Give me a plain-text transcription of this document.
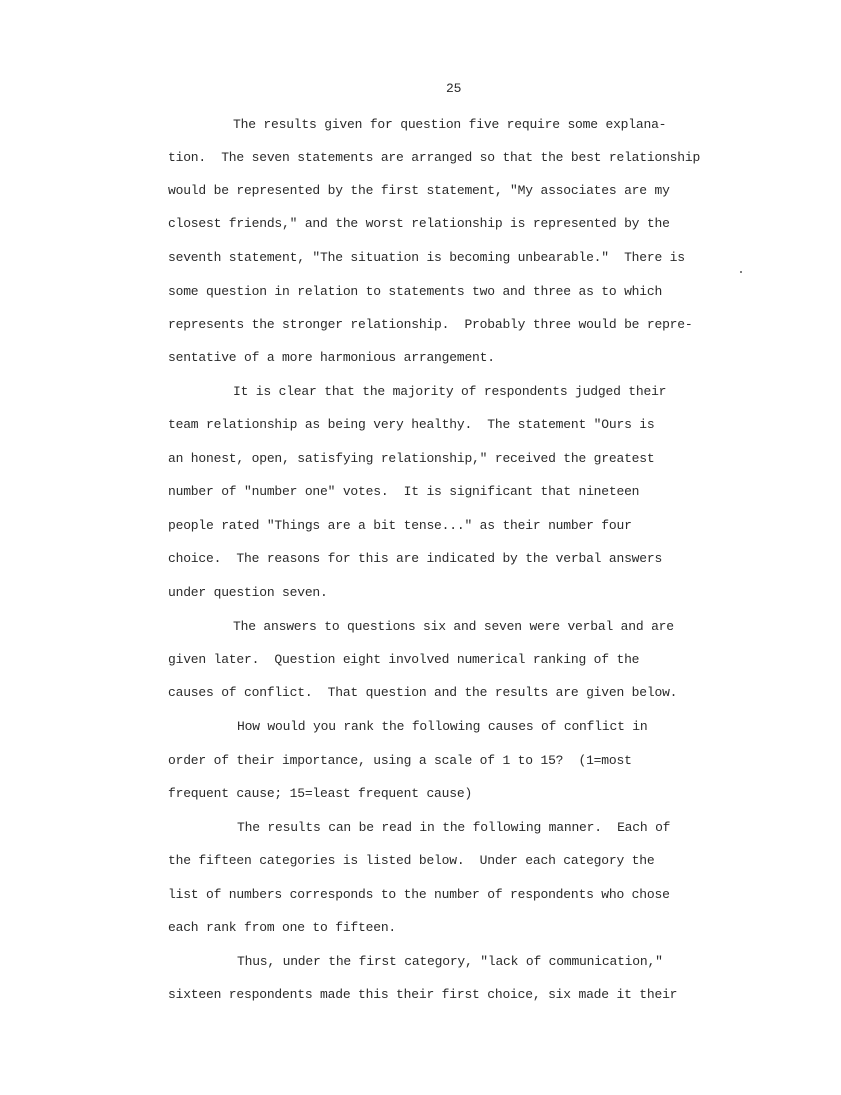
25
The results given for question five require some explana-
tion.  The seven statements are arranged so that the best relationship
would be represented by the first statement, "My associates are my
closest friends," and the worst relationship is represented by the
seventh statement, "The situation is becoming unbearable."  There is
some question in relation to statements two and three as to which
represents the stronger relationship.  Probably three would be repre-
sentative of a more harmonious arrangement.
It is clear that the majority of respondents judged their
team relationship as being very healthy.  The statement "Ours is
an honest, open, satisfying relationship," received the greatest
number of "number one" votes.  It is significant that nineteen
people rated "Things are a bit tense..." as their number four
choice.  The reasons for this are indicated by the verbal answers
under question seven.
The answers to questions six and seven were verbal and are
given later.  Question eight involved numerical ranking of the
causes of conflict.  That question and the results are given below.
How would you rank the following causes of conflict in
order of their importance, using a scale of 1 to 15?  (1=most
frequent cause; 15=least frequent cause)
The results can be read in the following manner.  Each of
the fifteen categories is listed below.  Under each category the
list of numbers corresponds to the number of respondents who chose
each rank from one to fifteen.
Thus, under the first category, "lack of communication,"
sixteen respondents made this their first choice, six made it their
